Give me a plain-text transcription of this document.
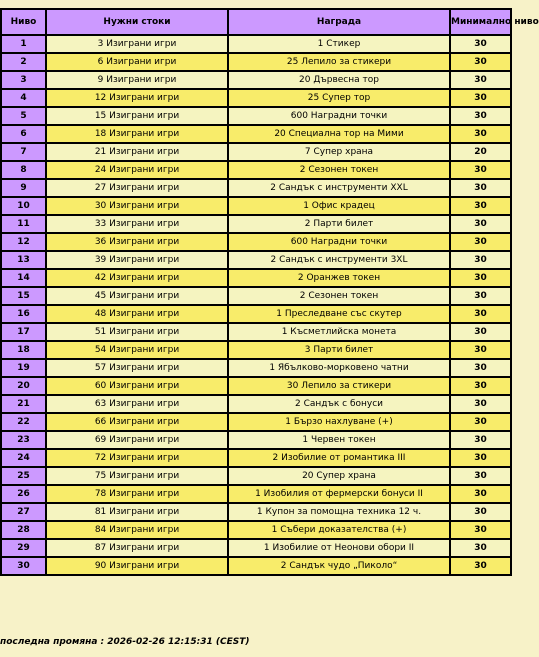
Ниво	Нужни стоки	Награда	Минимално ниво
1	3 Изиграни игри	1 Стикер	30
2	6 Изиграни игри	25 Лепило за стикери	30
3	9 Изиграни игри	20 Дървесна тор	30
4	12 Изиграни игри	25 Супер тор	30
5	15 Изиграни игри	600 Наградни точки	30
6	18 Изиграни игри	20 Специална тор на Мими	30
7	21 Изиграни игри	7 Супер храна	20
8	24 Изиграни игри	2 Сезонен токен	30
9	27 Изиграни игри	2 Сандък с инструменти XXL	30
10	30 Изиграни игри	1 Офис крадец	30
11	33 Изиграни игри	2 Парти билет	30
12	36 Изиграни игри	600 Наградни точки	30
13	39 Изиграни игри	2 Сандък с инструменти 3XL	30
14	42 Изиграни игри	2 Оранжев токен	30
15	45 Изиграни игри	2 Сезонен токен	30
16	48 Изиграни игри	1 Преследване със скутер	30
17	51 Изиграни игри	1 Късметлийска монета	30
18	54 Изиграни игри	3 Парти билет	30
19	57 Изиграни игри	1 Ябълково-морковено чатни	30
20	60 Изиграни игри	30 Лепило за стикери	30
21	63 Изиграни игри	2 Сандък с бонуси	30
22	66 Изиграни игри	1 Бързо нахлуване (+)	30
23	69 Изиграни игри	1 Червен токен	30
24	72 Изиграни игри	2 Изобилие от романтика III	30
25	75 Изиграни игри	20 Супер храна	30
26	78 Изиграни игри	1 Изобилия от фермерски бонуси II	30
27	81 Изиграни игри	1 Купон за помощна техника 12 ч.	30
28	84 Изиграни игри	1 Събери доказателства (+)	30
29	87 Изиграни игри	1 Изобилие от Неонови обори II	30
30	90 Изиграни игри	2 Сандък чудо „Пиколо“	30
последна промяна : 2026-02-26 12:15:31 (CEST)
